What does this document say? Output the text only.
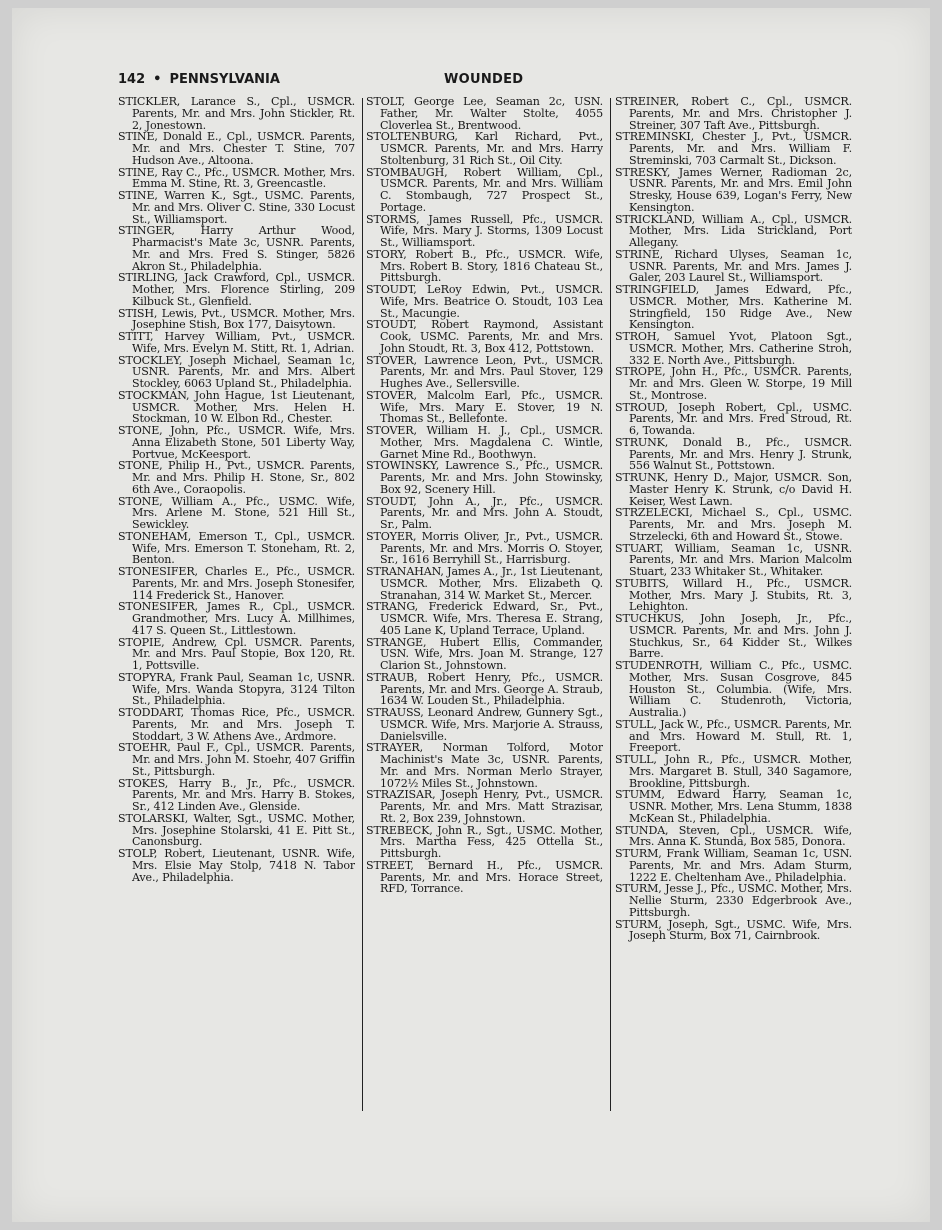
142 • PENNSYLVANIA	WOUNDED

STICKLER, Larance S., Cpl., USMCR. Parents, Mr. and Mrs. John Stickler, Rt. 2, Jonestown.

STINE, Donald E., Cpl., USMCR. Parents, Mr. and Mrs. Chester T. Stine, 707 Hudson Ave., Altoona.

STINE, Ray C., Pfc., USMCR. Mother, Mrs. Emma M. Stine, Rt. 3, Greencastle.

STINE, Warren K., Sgt., USMC. Parents, Mr. and Mrs. Oliver C. Stine, 330 Locust St., Williamsport.

STINGER, Harry Arthur Wood, Pharmacist's Mate 3c, USNR. Parents, Mr. and Mrs. Fred S. Stinger, 5826 Akron St., Philadelphia.

STIRLING, Jack Crawford, Cpl., USMCR. Mother, Mrs. Florence Stirling, 209 Kilbuck St., Glenfield.

STISH, Lewis, Pvt., USMCR. Mother, Mrs. Josephine Stish, Box 177, Daisytown.

STITT, Harvey William, Pvt., USMCR. Wife, Mrs. Evelyn M. Stitt, Rt. 1, Adrian.

STOCKLEY, Joseph Michael, Seaman 1c, USNR. Parents, Mr. and Mrs. Albert Stockley, 6063 Upland St., Philadelphia.

STOCKMAN, John Hague, 1st Lieutenant, USMCR. Mother, Mrs. Helen H. Stockman, 10 W. Elbon Rd., Chester.

STONE, John, Pfc., USMCR. Wife, Mrs. Anna Elizabeth Stone, 501 Liberty Way, Portvue, McKeesport.

STONE, Philip H., Pvt., USMCR. Parents, Mr. and Mrs. Philip H. Stone, Sr., 802 6th Ave., Coraopolis.

STONE, William A., Pfc., USMC. Wife, Mrs. Arlene M. Stone, 521 Hill St., Sewickley.

STONEHAM, Emerson T., Cpl., USMCR. Wife, Mrs. Emerson T. Stoneham, Rt. 2, Benton.

STONESIFER, Charles E., Pfc., USMCR. Parents, Mr. and Mrs. Joseph Stonesifer, 114 Frederick St., Hanover.

STONESIFER, James R., Cpl., USMCR. Grandmother, Mrs. Lucy A. Millhimes, 417 S. Queen St., Littlestown.

STOPIE, Andrew, Cpl. USMCR. Parents, Mr. and Mrs. Paul Stopie, Box 120, Rt. 1, Pottsville.

STOPYRA, Frank Paul, Seaman 1c, USNR. Wife, Mrs. Wanda Stopyra, 3124 Tilton St., Philadelphia.

STODDART, Thomas Rice, Pfc., USMCR. Parents, Mr. and Mrs. Joseph T. Stoddart, 3 W. Athens Ave., Ardmore.

STOEHR, Paul F., Cpl., USMCR. Parents, Mr. and Mrs. John M. Stoehr, 407 Griffin St., Pittsburgh.

STOKES, Harry B., Jr., Pfc., USMCR. Parents, Mr. and Mrs. Harry B. Stokes, Sr., 412 Linden Ave., Glenside.

STOLARSKI, Walter, Sgt., USMC. Mother, Mrs. Josephine Stolarski, 41 E. Pitt St., Canonsburg.

STOLP, Robert, Lieutenant, USNR. Wife, Mrs. Elsie May Stolp, 7418 N. Tabor Ave., Philadelphia.

STOLT, George Lee, Seaman 2c, USN. Father, Mr. Walter Stolte, 4055 Cloverlea St., Brentwood.

STOLTENBURG, Karl Richard, Pvt., USMCR. Parents, Mr. and Mrs. Harry Stoltenburg, 31 Rich St., Oil City.

STOMBAUGH, Robert William, Cpl., USMCR. Parents, Mr. and Mrs. William C. Stombaugh, 727 Prospect St., Portage.

STORMS, James Russell, Pfc., USMCR. Wife, Mrs. Mary J. Storms, 1309 Locust St., Williamsport.

STORY, Robert B., Pfc., USMCR. Wife, Mrs. Robert B. Story, 1816 Chateau St., Pittsburgh.

STOUDT, LeRoy Edwin, Pvt., USMCR. Wife, Mrs. Beatrice O. Stoudt, 103 Lea St., Macungie.

STOUDT, Robert Raymond, Assistant Cook, USMC. Parents, Mr. and Mrs. John Stoudt, Rt. 3, Box 412, Pottstown.

STOVER, Lawrence Leon, Pvt., USMCR. Parents, Mr. and Mrs. Paul Stover, 129 Hughes Ave., Sellersville.

STOVER, Malcolm Earl, Pfc., USMCR. Wife, Mrs. Mary E. Stover, 19 N. Thomas St., Bellefonte.

STOVER, William H. J., Cpl., USMCR. Mother, Mrs. Magdalena C. Wintle, Garnet Mine Rd., Boothwyn.

STOWINSKY, Lawrence S., Pfc., USMCR. Parents, Mr. and Mrs. John Stowinsky, Box 92, Scenery Hill.

STOUDT, John A., Jr., Pfc., USMCR. Parents, Mr. and Mrs. John A. Stoudt, Sr., Palm.

STOYER, Morris Oliver, Jr., Pvt., USMCR. Parents, Mr. and Mrs. Morris O. Stoyer, Sr., 1616 Berryhill St., Harrisburg.

STRANAHAN, James A., Jr., 1st Lieutenant, USMCR. Mother, Mrs. Elizabeth Q. Stranahan, 314 W. Market St., Mercer.

STRANG, Frederick Edward, Sr., Pvt., USMCR. Wife, Mrs. Theresa E. Strang, 405 Lane K, Upland Terrace, Upland.

STRANGE, Hubert Ellis, Commander, USN. Wife, Mrs. Joan M. Strange, 127 Clarion St., Johnstown.

STRAUB, Robert Henry, Pfc., USMCR. Parents, Mr. and Mrs. George A. Straub, 1634 W. Louden St., Philadelphia.

STRAUSS, Leonard Andrew, Gunnery Sgt., USMCR. Wife, Mrs. Marjorie A. Strauss, Danielsville.

STRAYER, Norman Tolford, Motor Machinist's Mate 3c, USNR. Parents, Mr. and Mrs. Norman Merlo Strayer, 1072½ Miles St., Johnstown.

STRAZISAR, Joseph Henry, Pvt., USMCR. Parents, Mr. and Mrs. Matt Strazisar, Rt. 2, Box 239, Johnstown.

STREBECK, John R., Sgt., USMC. Mother, Mrs. Martha Fess, 425 Ottella St., Pittsburgh.

STREET, Bernard H., Pfc., USMCR. Parents, Mr. and Mrs. Horace Street, RFD, Torrance.

STREINER, Robert C., Cpl., USMCR. Parents, Mr. and Mrs. Christopher J. Streiner, 307 Taft Ave., Pittsburgh.

STREMINSKI, Chester J., Pvt., USMCR. Parents, Mr. and Mrs. William F. Streminski, 703 Carmalt St., Dickson.

STRESKY, James Werner, Radioman 2c, USNR. Parents, Mr. and Mrs. Emil John Stresky, House 639, Logan's Ferry, New Kensington.

STRICKLAND, William A., Cpl., USMCR. Mother, Mrs. Lida Strickland, Port Allegany.

STRINE, Richard Ulyses, Seaman 1c, USNR. Parents, Mr. and Mrs. James J. Galer, 203 Laurel St., Williamsport.

STRINGFIELD, James Edward, Pfc., USMCR. Mother, Mrs. Katherine M. Stringfield, 150 Ridge Ave., New Kensington.

STROH, Samuel Yvot, Platoon Sgt., USMCR. Mother, Mrs. Catherine Stroh, 332 E. North Ave., Pittsburgh.

STROPE, John H., Pfc., USMCR. Parents, Mr. and Mrs. Gleen W. Storpe, 19 Mill St., Montrose.

STROUD, Joseph Robert, Cpl., USMC. Parents, Mr. and Mrs. Fred Stroud, Rt. 6, Towanda.

STRUNK, Donald B., Pfc., USMCR. Parents, Mr. and Mrs. Henry J. Strunk, 556 Walnut St., Pottstown.

STRUNK, Henry D., Major, USMCR. Son, Master Henry K. Strunk, c/o David H. Keiser, West Lawn.

STRZELECKI, Michael S., Cpl., USMC. Parents, Mr. and Mrs. Joseph M. Strzelecki, 6th and Howard St., Stowe.

STUART, William, Seaman 1c, USNR. Parents, Mr. and Mrs. Marion Malcolm Stuart, 233 Whitaker St., Whitaker.

STUBITS, Willard H., Pfc., USMCR. Mother, Mrs. Mary J. Stubits, Rt. 3, Lehighton.

STUCHKUS, John Joseph, Jr., Pfc., USMCR. Parents, Mr. and Mrs. John J. Stuchkus, Sr., 64 Kidder St., Wilkes Barre.

STUDENROTH, William C., Pfc., USMC. Mother, Mrs. Susan Cosgrove, 845 Houston St., Columbia. (Wife, Mrs. William C. Studenroth, Victoria, Australia.)

STULL, Jack W., Pfc., USMCR. Parents, Mr. and Mrs. Howard M. Stull, Rt. 1, Freeport.

STULL, John R., Pfc., USMCR. Mother, Mrs. Margaret B. Stull, 340 Sagamore, Brookline, Pittsburgh.

STUMM, Edward Harry, Seaman 1c, USNR. Mother, Mrs. Lena Stumm, 1838 McKean St., Philadelphia.

STUNDA, Steven, Cpl., USMCR. Wife, Mrs. Anna K. Stunda, Box 585, Donora.

STURM, Frank William, Seaman 1c, USN. Parents, Mr. and Mrs. Adam Sturm, 1222 E. Cheltenham Ave., Philadelphia.

STURM, Jesse J., Pfc., USMC. Mother, Mrs. Nellie Sturm, 2330 Edgerbrook Ave., Pittsburgh.

STURM, Joseph, Sgt., USMC. Wife, Mrs. Joseph Sturm, Box 71, Cairnbrook.
